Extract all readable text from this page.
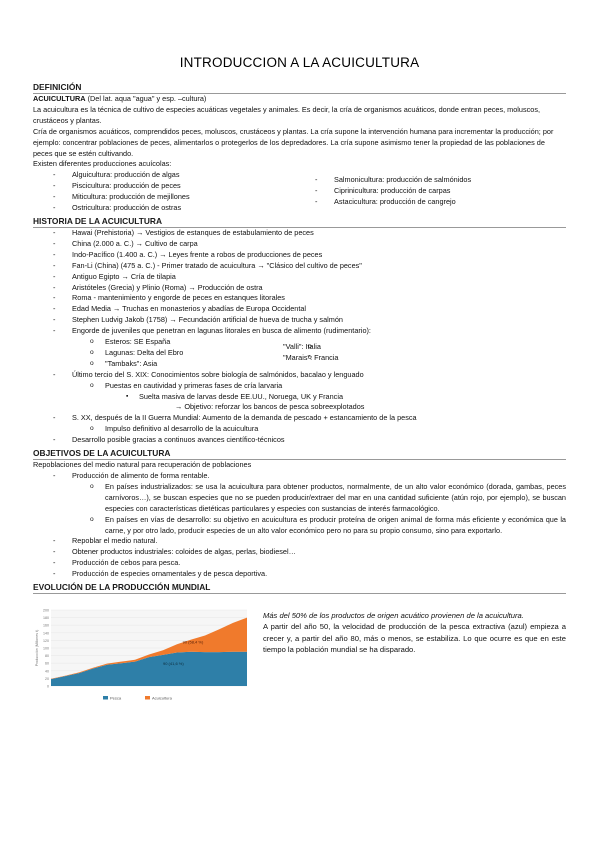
INTRODUCCION A LA ACUICULTURA
DEFINICIÓN

ACUICULTURA (Del lat. aqua "agua" y esp. –cultura)

La acuicultura es la técnica de cultivo de especies acuáticas vegetales y animales. Es decir, la cría de organismos acuáticos, donde entran peces, moluscos, crustáceos y plantas.

Cría de organismos acuáticos, comprendidos peces, moluscos, crustáceos y plantas. La cría supone la intervención humana para incrementar la producción; por ejemplo: concentrar poblaciones de peces, alimentarlos o protegerlos de los depredadores. La cría supone asimismo tener la propiedad de las poblaciones de peces que se estén cultivando.

Existen diferentes producciones acuícolas:

- Alguicultura: producción de algas
- Piscicultura: producción de peces
- Miticultura: producción de mejillones
- Ostricultura: producción de ostras
- Salmonicultura: producción de salmónidos
- Ciprinicultura: producción de carpas
- Astacicultura: producción de cangrejo
HISTORIA DE LA ACUICULTURA
- Hawai (Prehistoria) → Vestigios de estanques de estabulamiento de peces
- China (2.000 a. C.) → Cultivo de carpa
- Indo-Pacífico (1.400 a. C.) → Leyes frente a robos de producciones de peces
- Fan-Li (China) (475 a. C.) - Primer tratado de acuicultura → "Clásico del cultivo de peces"
- Antiguo Egipto → Cría de tilapia
- Aristóteles (Grecia) y Plinio (Roma) → Producción de ostra
- Roma - mantenimiento y engorde de peces en estanques litorales
- Edad Media → Truchas en monasterios y abadías de Europa Occidental
- Stephen Ludvig Jakob (1758) → Fecundación artificial de hueva de trucha y salmón
- Engorde de juveniles que penetran en lagunas litorales en busca de alimento (rudimentario):
o Esteros: SE España
o Lagunas: Delta del Ebro
o "Tambaks": Asia
o "Valli": Italia
o "Marais": Francia
- Último tercio del S. XIX: Conocimientos sobre biología de salmónidos, bacalao y lenguado
o Puestas en cautividad y primeras fases de cría larvaria
▪ Suelta masiva de larvas desde EE.UU., Noruega, UK y Francia
→ Objetivo: reforzar los bancos de pesca sobreexplotados
- S. XX, después de la II Guerra Mundial: Aumento de la demanda de pescado + estancamiento de la pesca
o Impulso definitivo al desarrollo de la acuicultura
- Desarrollo posible gracias a continuos avances científico-técnicos
OBJETIVOS DE LA ACUICULTURA

Repoblaciones del medio natural para recuperación de poblaciones

- Producción de alimento de forma rentable.
o En países industrializados: se usa la acuicultura para obtener productos, normalmente, de un alto valor económico (dorada, gambas, peces carnívoros…), se buscan especies que no se pueden producir/extraer del mar en una cantidad suficiente (atún rojo, por ejemplo), se buscan especies con características dietéticas particulares y especies con sustancias de interés farmacológico.
o En países en vías de desarrollo: su objetivo en acuicultura es producir proteína de origen animal de forma más eficiente y económica que la carne, y por otro lado, producir especies de un alto valor económico pero no para su propio consumo, sino para exportarlo.
- Repoblar el medio natural.
- Obtener productos industriales: coloides de algas, perlas, biodiesel…
- Producción de cebos para pesca.
- Producción de especies ornamentales y de pesca deportiva.
EVOLUCIÓN DE LA PRODUCCIÓN MUNDIAL
200
180
160
140
120
100
80
60
40
20
0
Producción (Millones t)	90 (41,6 %)
90 (58,4 %)
Pesca	Acuicultura
Más del 50% de los productos de origen acuático provienen de la acuicultura.
A partir del año 50, la velocidad de producción de la pesca extractiva (azul) empieza a crecer y, a partir del año 80, más o menos, se estabiliza. Lo que ocurre es que en este tiempo la población mundial se ha disparado.
